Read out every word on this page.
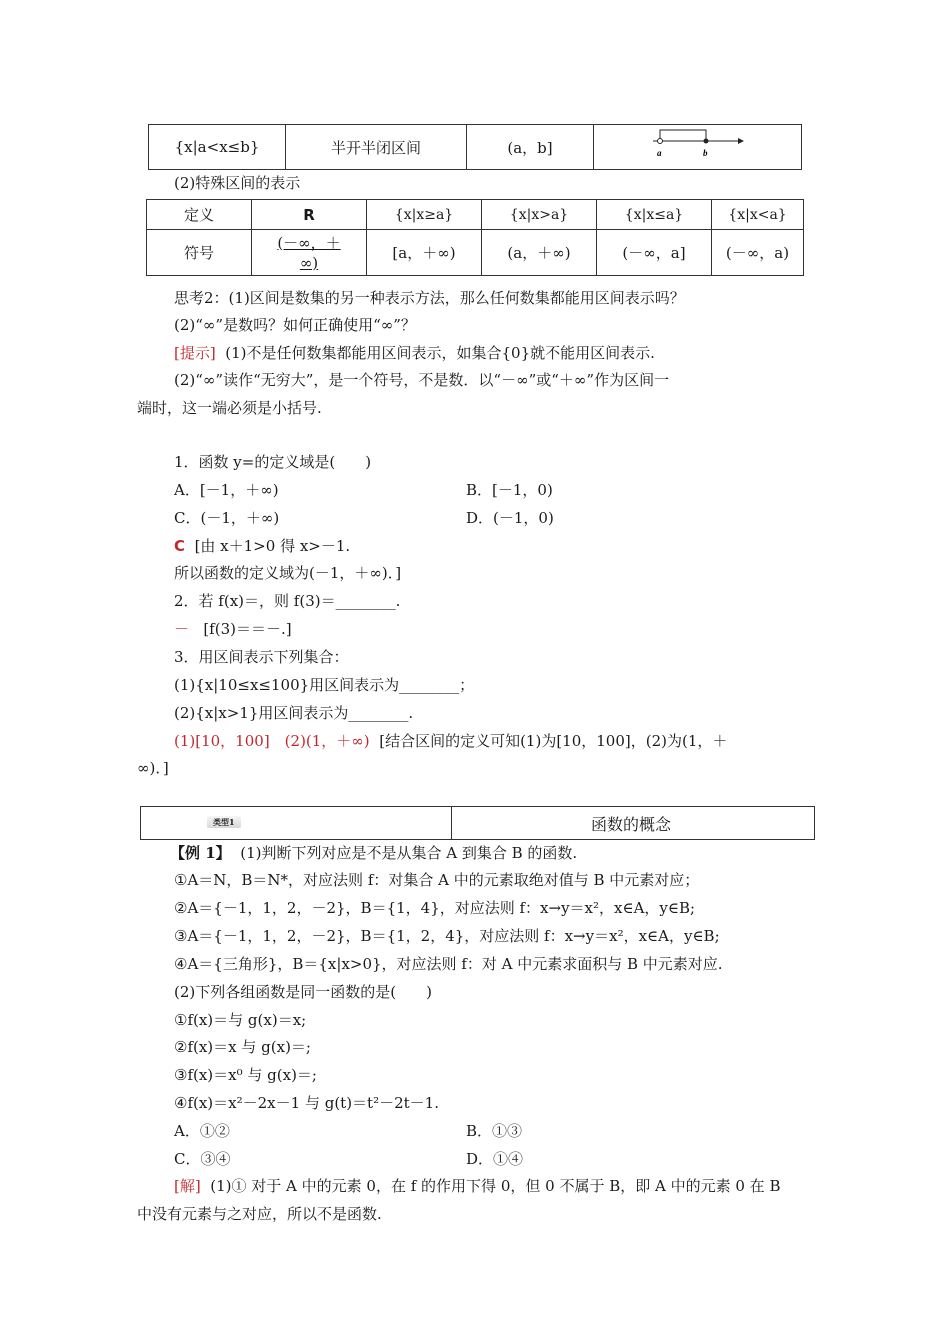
{x|a<x≤b}	半开半闭区间	(a，b]	a	b
(2)特殊区间的表示
定义	R	{x|x≥a}	{x|x>a}	{x|x≤a}	{x|x<a}
符号	(－∞，＋
∞)	[a，＋∞)	(a，＋∞)	(－∞，a]	(－∞，a)
思考2：(1)区间是数集的另一种表示方法，那么任何数集都能用区间表示吗？
(2)“∞”是数吗？如何正确使用“∞”？
[提示] (1)不是任何数集都能用区间表示，如集合{0}就不能用区间表示.
(2)“∞”读作“无穷大”，是一个符号，不是数．以“－∞”或“＋∞”作为区间一
端时，这一端必须是小括号.
1．函数 y=的定义域是(　　)
A．[－1，＋∞)	B．[－1，0)
C．(－1，＋∞)	D．(－1，0)
C [由 x＋1>0 得 x>－1.
所以函数的定义域为(－1，＋∞)．]
2．若 f(x)＝，则 f(3)＝________.
－ [f(3)＝＝－.]
3．用区间表示下列集合：
(1){x|10≤x≤100}用区间表示为________；
(2){x|x>1}用区间表示为________.
(1)[10，100]　(2)(1，＋∞) [结合区间的定义可知(1)为[10，100]，(2)为(1，＋
∞)．]
类型1	函数的概念
【例 1】 (1)判断下列对应是不是从集合 A 到集合 B 的函数.
①A＝N，B＝N*，对应法则 f：对集合 A 中的元素取绝对值与 B 中元素对应；
②A＝{－1，1，2，－2}，B＝{1，4}，对应法则 f：x→y＝x²，x∈A，y∈B;
③A＝{－1，1，2，－2}，B＝{1，2，4}，对应法则 f：x→y＝x²，x∈A，y∈B;
④A＝{三角形}，B＝{x|x>0}，对应法则 f：对 A 中元素求面积与 B 中元素对应.
(2)下列各组函数是同一函数的是(　　)
①f(x)＝与 g(x)＝x;
②f(x)＝x 与 g(x)＝;
③f(x)＝x⁰ 与 g(x)＝;
④f(x)＝x²－2x－1 与 g(t)＝t²－2t－1.
A．①②	B．①③
C．③④	D．①④
[解] (1)① 对于 A 中的元素 0，在 f 的作用下得 0，但 0 不属于 B，即 A 中的元素 0 在 B
中没有元素与之对应，所以不是函数.
